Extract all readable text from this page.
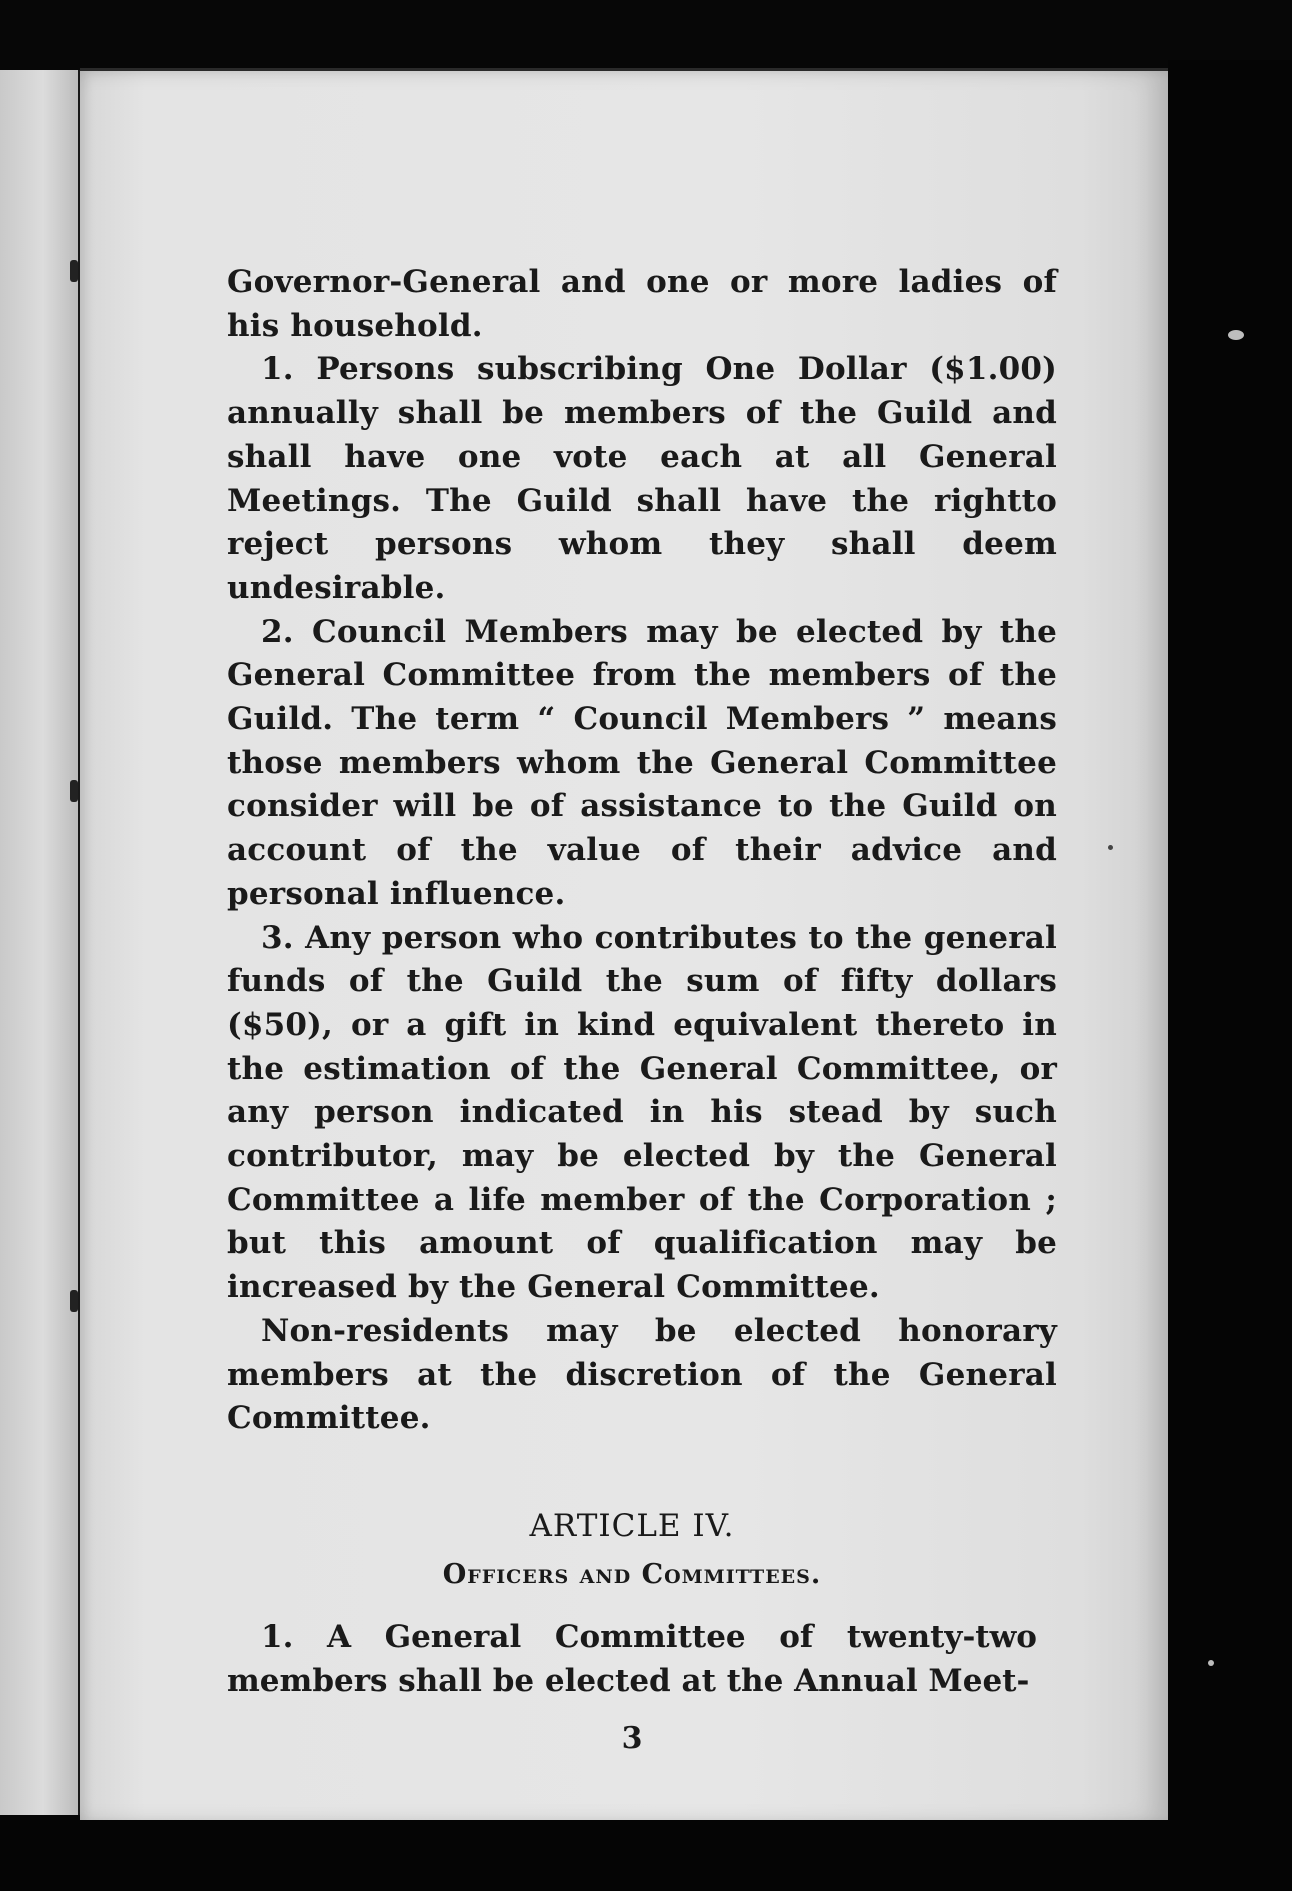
Governor-General and one or more ladies of his household.

1. Persons subscribing One Dollar ($1.00) annually shall be members of the Guild and shall have one vote each at all General Meetings. The Guild shall have the rightto reject persons whom they shall deem undesirable.

2. Council Members may be elected by the General Committee from the members of the Guild. The term “ Council Members ” means those members whom the General Committee consider will be of assistance to the Guild on account of the value of their advice and personal influence.

3. Any person who contributes to the general funds of the Guild the sum of fifty dollars ($50), or a gift in kind equivalent thereto in the estimation of the General Committee, or any person indicated in his stead by such contributor, may be elected by the General Committee a life member of the Corporation ; but this amount of qualification may be increased by the General Committee.

Non-residents may be elected honorary members at the discretion of the General Committee.

ARTICLE IV.
Officers and Committees.
1. A General Committee of twenty-two members shall be elected at the Annual Meet-
3
